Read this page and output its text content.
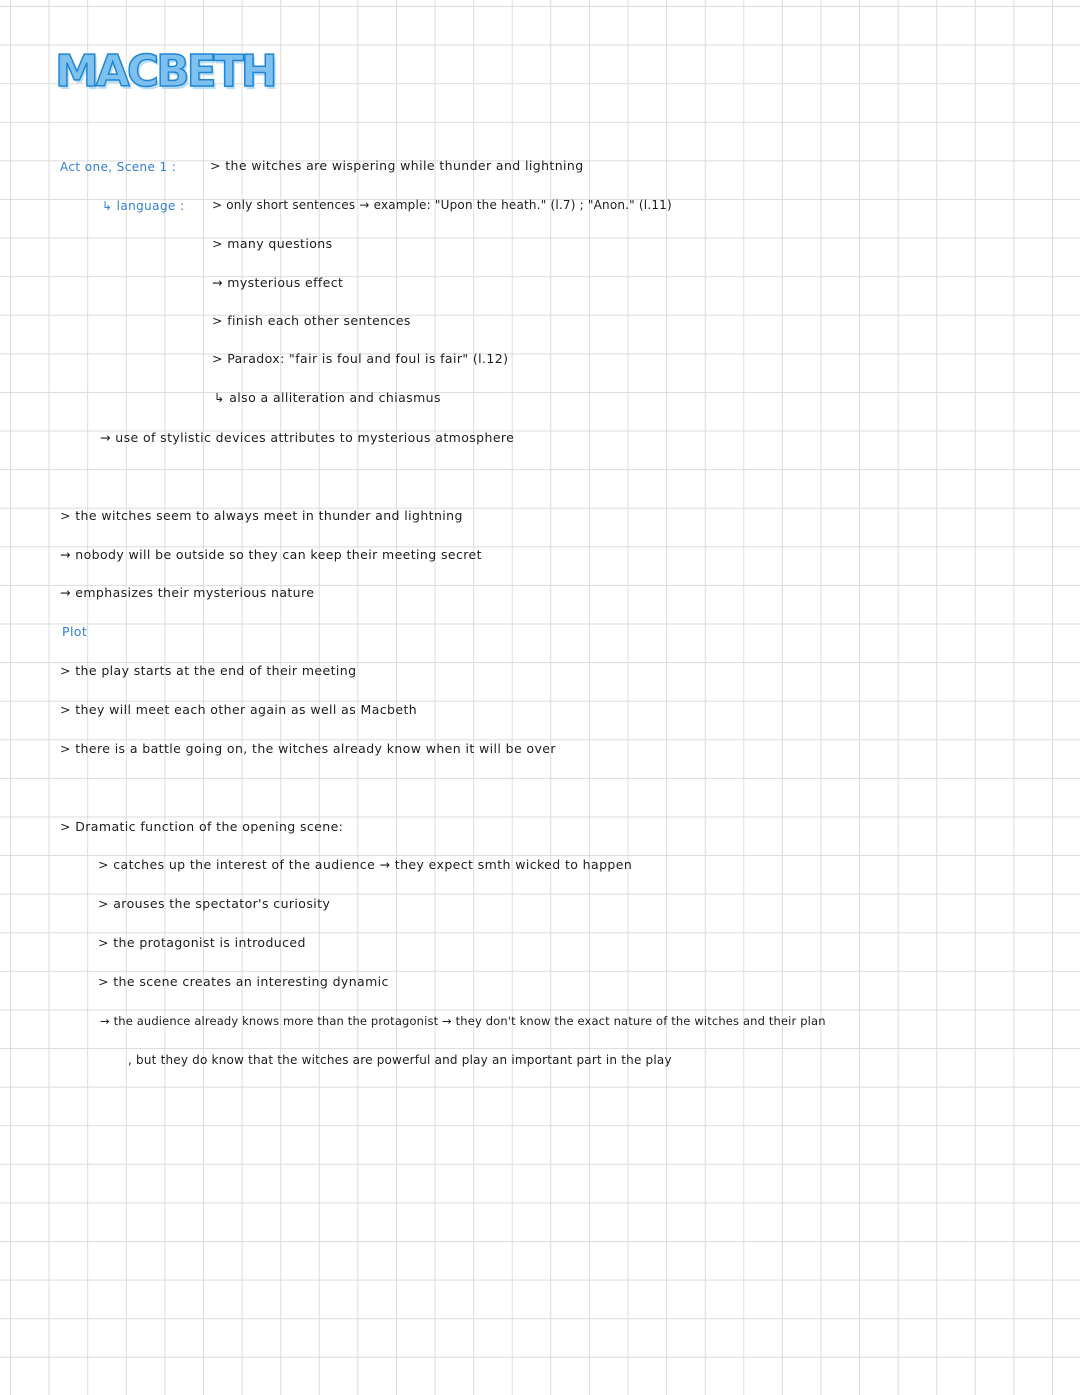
MACBETH
Act one, Scene 1 :	> the witches are wispering while thunder and lightning
↳ language : > only short sentences → example: "Upon the heath." (l.7) ; "Anon." (l.11)
> many questions
→ mysterious effect
> finish each other sentences
> Paradox: "fair is foul and foul is fair" (l.12)
↳ also a alliteration and chiasmus
→ use of stylistic devices attributes to mysterious atmosphere
> the witches seem to always meet in thunder and lightning
→ nobody will be outside so they can keep their meeting secret
→ emphasizes their mysterious nature
Plot
> the play starts at the end of their meeting
> they will meet each other again as well as Macbeth
> there is a battle going on, the witches already know when it will be over
> Dramatic function of the opening scene:
> catches up the interest of the audience → they expect smth wicked to happen
> arouses the spectator's curiosity
> the protagonist is introduced
> the scene creates an interesting dynamic
→ the audience already knows more than the protagonist → they don't know the exact nature of the witches and their plan
, but they do know that the witches are powerful and play an important part in the play
